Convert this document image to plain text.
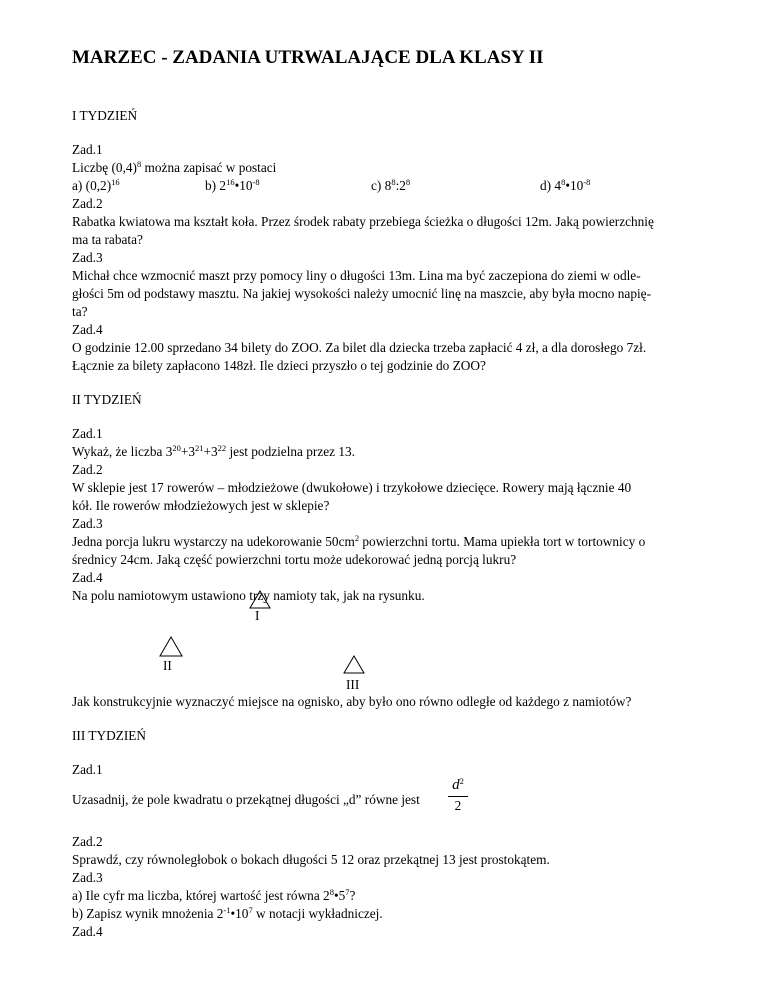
MARZEC - ZADANIA UTRWALAJĄCE DLA KLASY II
I TYDZIEŃ
Zad.1
Liczbę $(0,4)^8$ można zapisać w postaci
a) $(0,2)^{16}$	b) $2^{16}•10^{-8}$	c) $8^8:2^8$	d) $4^8•10^{-8}$
Zad.2
Rabatka kwiatowa ma kształt koła. Przez środek rabaty przebiega ścieżka o długości 12m. Jaką powierzchnię
ma ta rabata?
Zad.3
Michał chce wzmocnić maszt przy pomocy liny o długości 13m. Lina ma być zaczepiona do ziemi w odle-
głości 5m od podstawy masztu. Na jakiej wysokości należy umocnić linę na maszcie, aby była mocno napię-
ta?
Zad.4
O godzinie 12.00 sprzedano 34 bilety do ZOO. Za bilet dla dziecka trzeba zapłacić 4 zł, a dla dorosłego 7zł.
Łącznie za bilety zapłacono 148zł. Ile dzieci przyszło o tej godzinie do ZOO?
II TYDZIEŃ
Zad.1
Wykaż, że liczba $3^{20}+3^{21}+3^{22}$ jest podzielna przez 13.
Zad.2
W sklepie jest 17 rowerów – młodzieżowe (dwukołowe) i trzykołowe dziecięce. Rowery mają łącznie 40
kół. Ile rowerów młodzieżowych jest w sklepie?
Zad.3
Jedna porcja lukru wystarczy na udekorowanie $50cm^2$ powierzchni tortu. Mama upiekła tort w tortownicy o
średnicy 24cm. Jaką część powierzchni tortu może udekorować jedną porcją lukru?
Zad.4
Na polu namiotowym ustawiono trzy namioty tak, jak na rysunku.
I
II
III
Jak konstrukcyjnie wyznaczyć miejsce na ognisko, aby było ono równo odległe od każdego z namiotów?
III TYDZIEŃ
Zad.1
Uzasadnij, że pole kwadratu o przekątnej długości „d” równe jest
$d^2$
2
Zad.2
Sprawdź, czy równoległobok o bokach długości 5 12 oraz przekątnej 13 jest prostokątem.
Zad.3
a) Ile cyfr ma liczba, której wartość jest równa $2^8•5^7$?
b) Zapisz wynik mnożenia $2^{-1}•10^7$ w notacji wykładniczej.
Zad.4
